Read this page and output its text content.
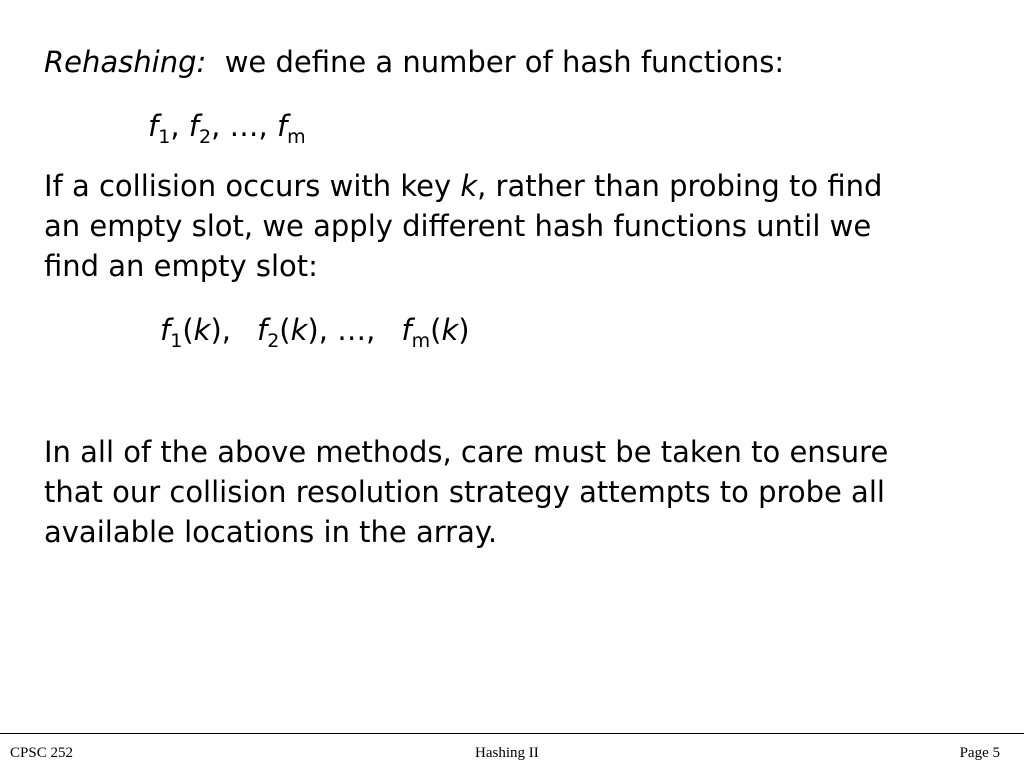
Rehashing: we define a number of hash functions:
$f_1$, $f_2$, …, $f_m$
If a collision occurs with key k, rather than probing to find
an empty slot, we apply different hash functions until we
find an empty slot:
$f_1(k)$, $f_2(k)$, …, $f_m(k)$
In all of the above methods, care must be taken to ensure
that our collision resolution strategy attempts to probe all
available locations in the array.
CPSC 252	Hashing II	Page 5
